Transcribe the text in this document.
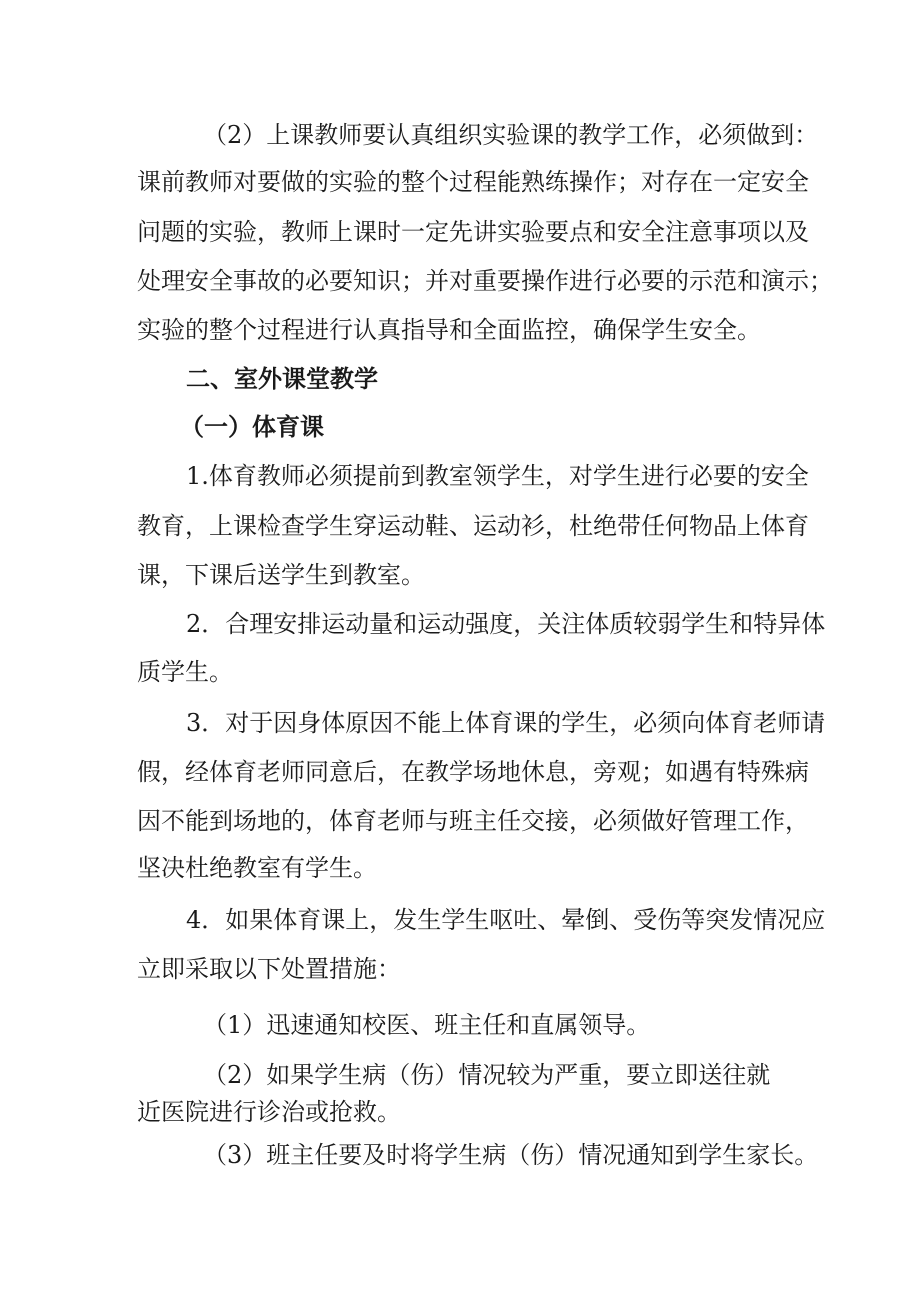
（2）上课教师要认真组织实验课的教学工作，必须做到：
课前教师对要做的实验的整个过程能熟练操作；对存在一定安全
问题的实验，教师上课时一定先讲实验要点和安全注意事项以及
处理安全事故的必要知识；并对重要操作进行必要的示范和演示；
实验的整个过程进行认真指导和全面监控，确保学生安全。
二、室外课堂教学
（一）体育课
1.体育教师必须提前到教室领学生，对学生进行必要的安全
教育，上课检查学生穿运动鞋、运动衫，杜绝带任何物品上体育
课，下课后送学生到教室。
2．合理安排运动量和运动强度，关注体质较弱学生和特异体
质学生。
3．对于因身体原因不能上体育课的学生，必须向体育老师请
假，经体育老师同意后，在教学场地休息，旁观；如遇有特殊病
因不能到场地的，体育老师与班主任交接，必须做好管理工作，
坚决杜绝教室有学生。
4．如果体育课上，发生学生呕吐、晕倒、受伤等突发情况应
立即采取以下处置措施：
（1）迅速通知校医、班主任和直属领导。
（2）如果学生病（伤）情况较为严重，要立即送往就
近医院进行诊治或抢救。
（3）班主任要及时将学生病（伤）情况通知到学生家长。
